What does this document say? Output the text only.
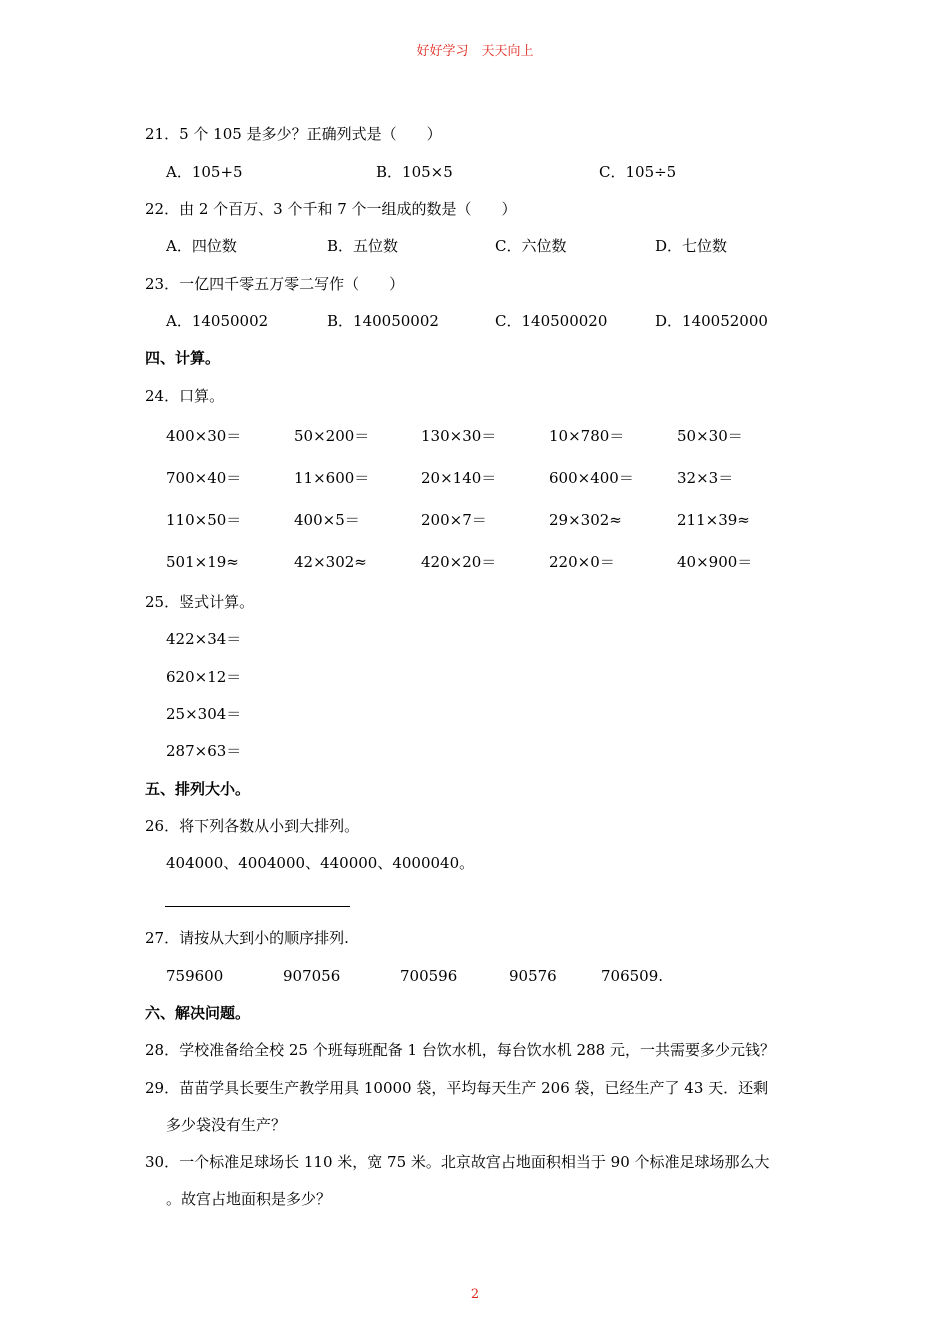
好好学习　天天向上
21．5 个 105 是多少？正确列式是（　　）
A．105+5	B．105×5	C．105÷5
22．由 2 个百万、3 个千和 7 个一组成的数是（　　）
A．四位数	B．五位数	C．六位数	D．七位数
23．一亿四千零五万零二写作（　　）
A．14050002	B．140050002	C．140500020	D．140052000
四、计算。
24．口算。
400×30＝	50×200＝	130×30＝	10×780＝	50×30＝
700×40＝	11×600＝	20×140＝	600×400＝	32×3＝
110×50＝	400×5＝	200×7＝	29×302≈	211×39≈
501×19≈	42×302≈	420×20＝	220×0＝	40×900＝
25．竖式计算。
422×34＝
620×12＝
25×304＝
287×63＝
五、排列大小。
26．将下列各数从小到大排列。
404000、4004000、440000、4000040。
27．请按从大到小的顺序排列.
759600	907056	700596	90576	706509.
六、解决问题。
28．学校准备给全校 25 个班每班配备 1 台饮水机，每台饮水机 288 元，一共需要多少元钱？
29．苗苗学具长要生产教学用具 10000 袋，平均每天生产 206 袋，已经生产了 43 天．还剩
多少袋没有生产？
30．一个标准足球场长 110 米，宽 75 米。北京故宫占地面积相当于 90 个标准足球场那么大
。故宫占地面积是多少？
2
